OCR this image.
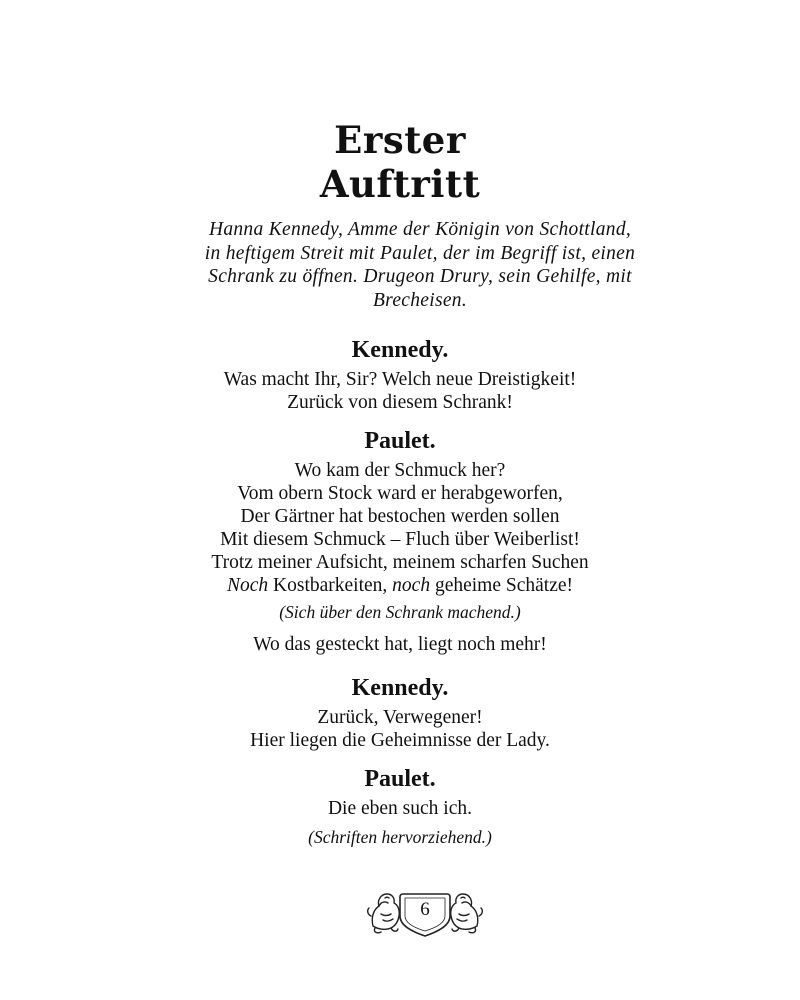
Erster
Auftritt
Hanna Kennedy, Amme der Königin von Schottland,
in heftigem Streit mit Paulet, der im Begriff ist, einen
Schrank zu öffnen. Drugeon Drury, sein Gehilfe, mit
Brecheisen.
Kennedy.
Was macht Ihr, Sir? Welch neue Dreistigkeit!
Zurück von diesem Schrank!
Paulet.
Wo kam der Schmuck her?
Vom obern Stock ward er herabgeworfen,
Der Gärtner hat bestochen werden sollen
Mit diesem Schmuck – Fluch über Weiberlist!
Trotz meiner Aufsicht, meinem scharfen Suchen
Noch Kostbarkeiten, noch geheime Schätze!
(Sich über den Schrank machend.)
Wo das gesteckt hat, liegt noch mehr!
Kennedy.
Zurück, Verwegener!
Hier liegen die Geheimnisse der Lady.
Paulet.
Die eben such ich.
(Schriften hervorziehend.)
6
